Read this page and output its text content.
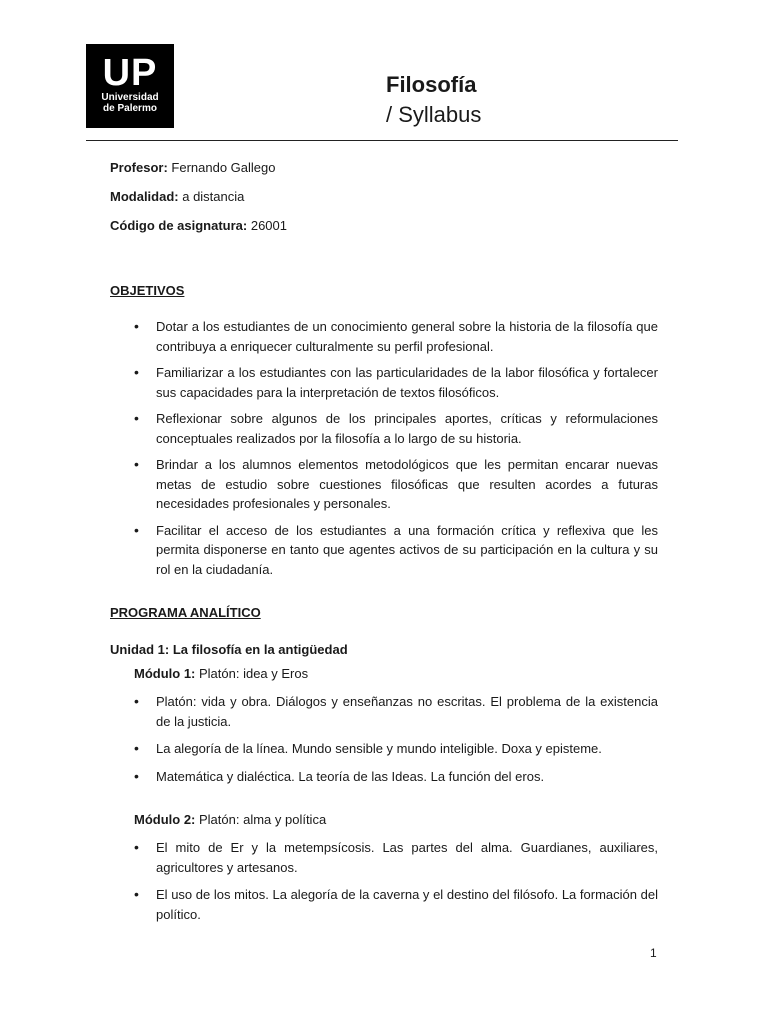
UP
Universidad
de Palermo
Filosofía
/ Syllabus
Profesor: Fernando Gallego
Modalidad: a distancia
Código de asignatura: 26001
OBJETIVOS
• Dotar a los estudiantes de un conocimiento general sobre la historia de la filosofía que contribuya a enriquecer culturalmente su perfil profesional.
• Familiarizar a los estudiantes con las particularidades de la labor filosófica y fortalecer sus capacidades para la interpretación de textos filosóficos.
• Reflexionar sobre algunos de los principales aportes, críticas y reformulaciones conceptuales realizados por la filosofía a lo largo de su historia.
• Brindar a los alumnos elementos metodológicos que les permitan encarar nuevas metas de estudio sobre cuestiones filosóficas que resulten acordes a futuras necesidades profesionales y personales.
• Facilitar el acceso de los estudiantes a una formación crítica y reflexiva que les permita disponerse en tanto que agentes activos de su participación en la cultura y su rol en la ciudadanía.
PROGRAMA ANALÍTICO
Unidad 1: La filosofía en la antigüedad
Módulo 1: Platón: idea y Eros
• Platón: vida y obra. Diálogos y enseñanzas no escritas. El problema de la existencia de la justicia.
• La alegoría de la línea. Mundo sensible y mundo inteligible. Doxa y episteme.
• Matemática y dialéctica. La teoría de las Ideas. La función del eros.
Módulo 2: Platón: alma y política
• El mito de Er y la metempsícosis. Las partes del alma. Guardianes, auxiliares, agricultores y artesanos.
• El uso de los mitos. La alegoría de la caverna y el destino del filósofo. La formación del político.
1
